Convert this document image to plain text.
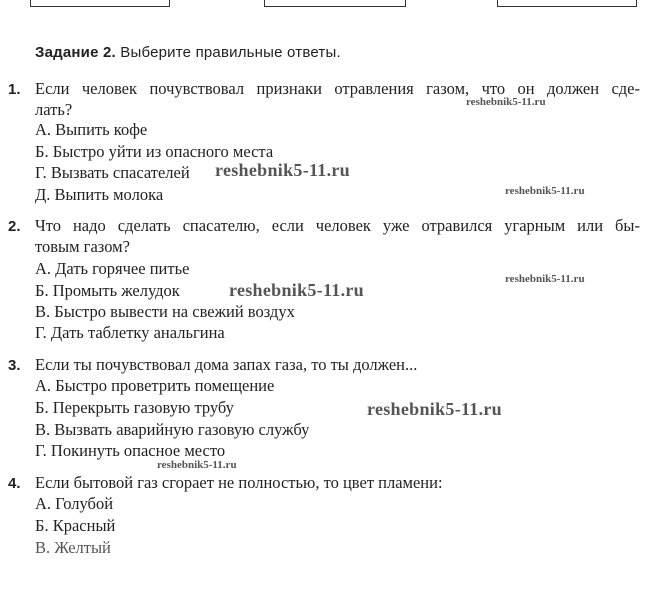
Задание 2. Выберите правильные ответы.
1. Если человек почувствовал признаки отравления газом, что он должен сде-
лать?
А. Выпить кофе
Б. Быстро уйти из опасного места
Г. Вызвать спасателей
Д. Выпить молока
2. Что надо сделать спасателю, если человек уже отравился угарным или бы-
товым газом?
А. Дать горячее питье
Б. Промыть желудок
В. Быстро вывести на свежий воздух
Г. Дать таблетку анальгина
3. Если ты почувствовал дома запах газа, то ты должен...
А. Быстро проветрить помещение
Б. Перекрыть газовую трубу
В. Вызвать аварийную газовую службу
Г. Покинуть опасное место
4. Если бытовой газ сгорает не полностью, то цвет пламени:
А. Голубой
Б. Красный
В. Желтый
reshebnik5-11.ru
reshebnik5-11.ru
reshebnik5-11.ru
reshebnik5-11.ru
reshebnik5-11.ru
reshebnik5-11.ru
reshebnik5-11.ru
